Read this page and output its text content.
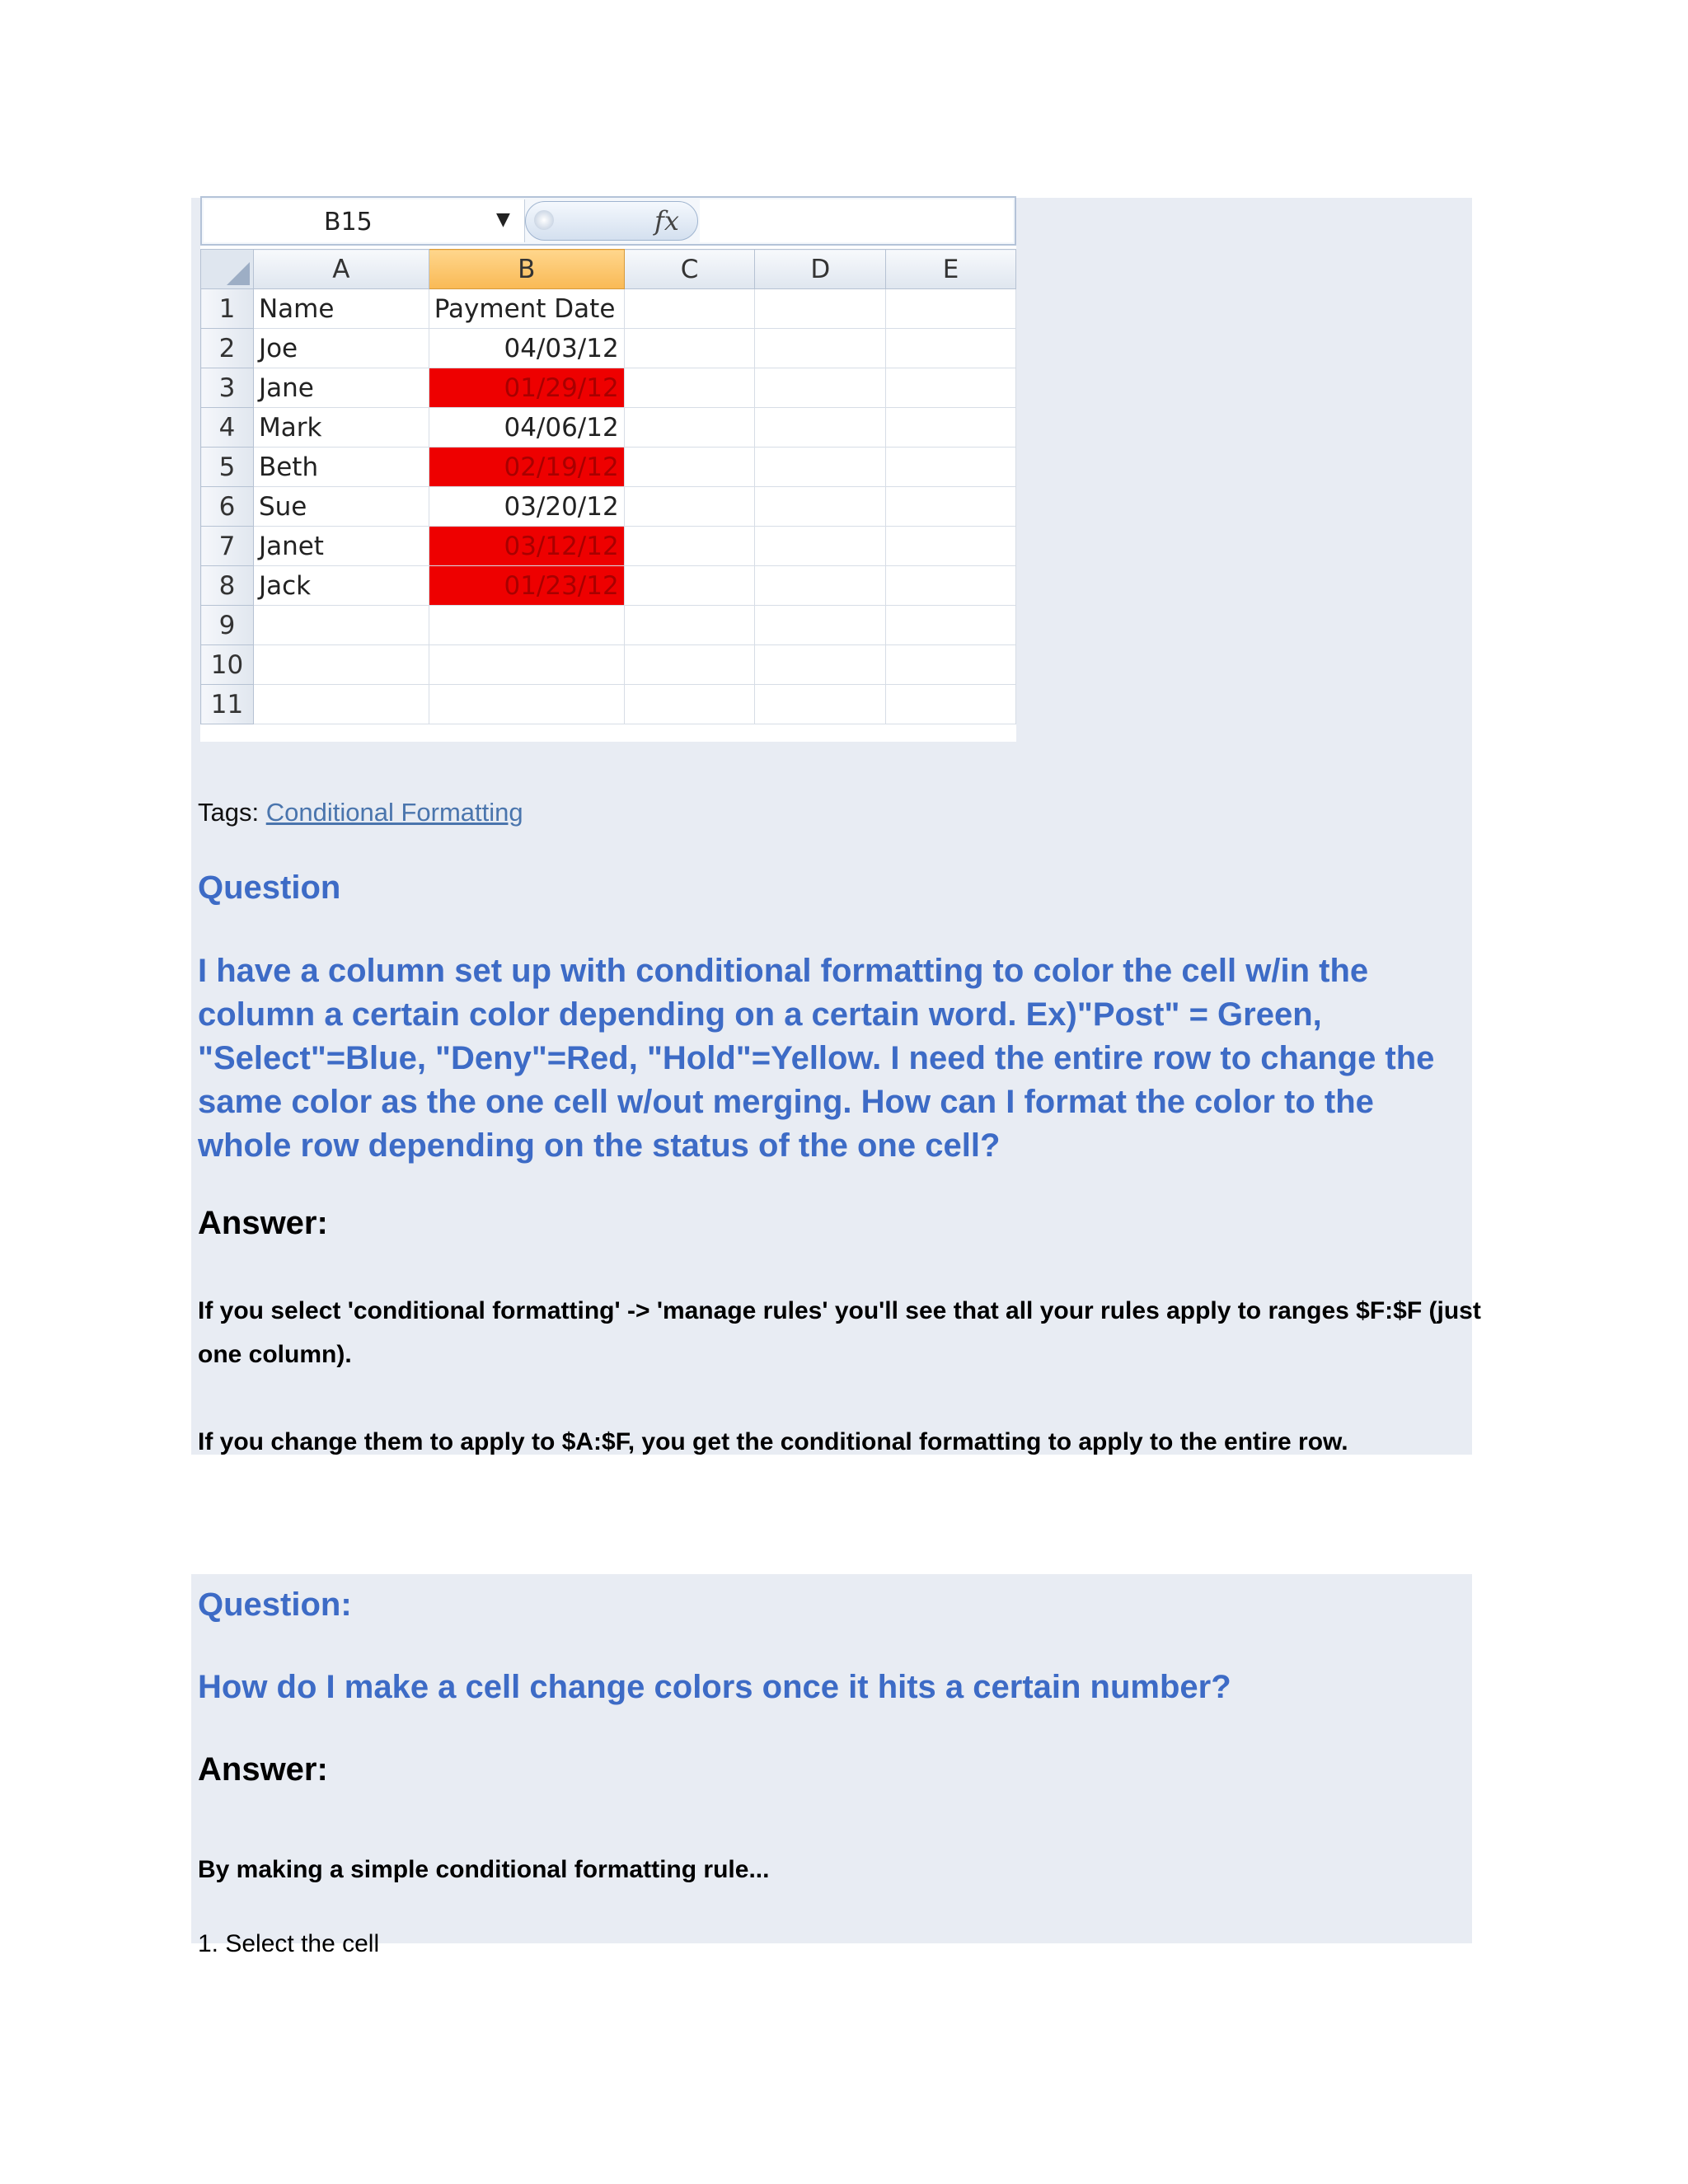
B15	▼	fx
	A	B	C	D	E
1	Name	Payment Date			
2	Joe	04/03/12			
3	Jane	01/29/12			
4	Mark	04/06/12			
5	Beth	02/19/12			
6	Sue	03/20/12			
7	Janet	03/12/12			
8	Jack	01/23/12			
9					
10					
11					

Tags: Conditional Formatting

Question

I have a column set up with conditional formatting to color the cell w/in the column a certain color depending on a certain word. Ex)"Post" = Green, "Select"=Blue, "Deny"=Red, "Hold"=Yellow. I need the entire row to change the same color as the one cell w/out merging. How can I format the color to the whole row depending on the status of the one cell?

Answer:

If you select 'conditional formatting' -> 'manage rules' you'll see that all your rules apply to ranges $F:$F (just one column).

If you change them to apply to $A:$F, you get the conditional formatting to apply to the entire row.

Question:

How do I make a cell change colors once it hits a certain number?

Answer:

By making a simple conditional formatting rule...

1. Select the cell
